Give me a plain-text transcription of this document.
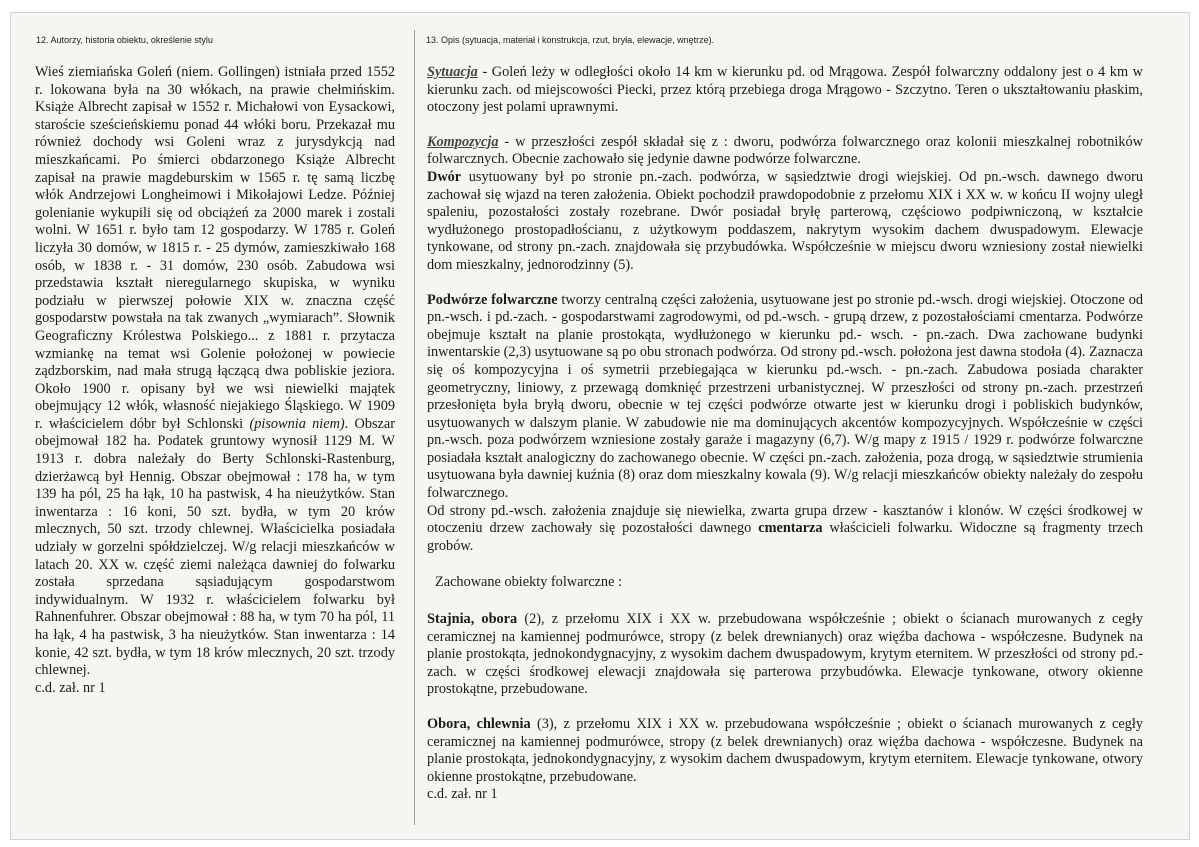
12. Autorzy, historia obiektu, określenie stylu	13. Opis (sytuacja, materiał i konstrukcja, rzut, bryła, elewacje, wnętrze).

Wieś ziemiańska Goleń (niem. Gollingen) istniała przed 1552 r. lokowana była na 30 włókach, na prawie chełmińskim. Książe Albrecht zapisał w 1552 r. Michałowi von Eysackowi, staroście sześcieńskiemu ponad 44 włóki boru. Przekazał mu również dochody wsi Goleni wraz z jurysdykcją nad mieszkańcami. Po śmierci obdarzonego Książe Albrecht zapisał na prawie magdeburskim w 1565 r. tę samą liczbę włók Andrzejowi Longheimowi i Mikołajowi Ledze. Później golenianie wykupili się od obciążeń za 2000 marek i zostali wolni. W 1651 r. było tam 12 gospodarzy. W 1785 r. Goleń liczyła 30 domów, w 1815 r. - 25 dymów, zamieszkiwało 168 osób, w 1838 r. - 31 domów, 230 osób. Zabudowa wsi przedstawia kształt nieregularnego skupiska, w wyniku podziału w pierwszej połowie XIX w. znaczna część gospodarstw powstała na tak zwanych „wymiarach”. Słownik Geograficzny Królestwa Polskiego... z 1881 r. przytacza wzmiankę na temat wsi Golenie położonej w powiecie ządzborskim, nad mała strugą łączącą dwa pobliskie jeziora. Około 1900 r. opisany był we wsi niewielki majątek obejmujący 12 włók, własność niejakiego Śląskiego. W 1909 r. właścicielem dóbr był Schlonski (pisownia niem). Obszar obejmował 182 ha. Podatek gruntowy wynosił 1129 M. W 1913 r. dobra należały do Berty Schlonski-Rastenburg, dzierżawcą był Hennig. Obszar obejmował : 178 ha, w tym 139 ha pól, 25 ha łąk, 10 ha pastwisk, 4 ha nieużytków. Stan inwentarza : 16 koni, 50 szt. bydła, w tym 20 krów mlecznych, 50 szt. trzody chlewnej. Właścicielka posiadała udziały w gorzelni spółdzielczej. W/g relacji mieszkańców w latach 20. XX w. część ziemi należąca dawniej do folwarku została sprzedana sąsiadującym gospodarstwom indywidualnym. W 1932 r. właścicielem folwarku był Rahnenfuhrer. Obszar obejmował : 88 ha, w tym 70 ha pól, 11 ha łąk, 4 ha pastwisk, 3 ha nieużytków. Stan inwentarza : 14 konie, 42 szt. bydła, w tym 18 krów mlecznych, 20 szt. trzody chlewnej.

c.d. zał. nr 1

Sytuacja - Goleń leży w odległości około 14 km w kierunku pd. od Mrągowa. Zespół folwarczny oddalony jest o 4 km w kierunku zach. od miejscowości Piecki, przez którą przebiega droga Mrągowo - Szczytno. Teren o ukształtowaniu płaskim, otoczony jest polami uprawnymi.

Kompozycja - w przeszłości zespół składał się z : dworu, podwórza folwarcznego oraz kolonii mieszkalnej robotników folwarcznych. Obecnie zachowało się jedynie dawne podwórze folwarczne.

Dwór usytuowany był po stronie pn.-zach. podwórza, w sąsiedztwie drogi wiejskiej. Od pn.-wsch. dawnego dworu zachował się wjazd na teren założenia. Obiekt pochodził prawdopodobnie z przełomu XIX i XX w. w końcu II wojny uległ spaleniu, pozostałości zostały rozebrane. Dwór posiadał bryłę parterową, częściowo podpiwniczoną, w kształcie wydłużonego prostopadłościanu, z użytkowym poddaszem, nakrytym wysokim dachem dwuspadowym. Elewacje tynkowane, od strony pn.-zach. znajdowała się przybudówka. Współcześnie w miejscu dworu wzniesiony został niewielki dom mieszkalny, jednorodzinny (5).

Podwórze folwarczne tworzy centralną części założenia, usytuowane jest po stronie pd.-wsch. drogi wiejskiej. Otoczone od pn.-wsch. i pd.-zach. - gospodarstwami zagrodowymi, od pd.-wsch. - grupą drzew, z pozostałościami cmentarza. Podwórze obejmuje kształt na planie prostokąta, wydłużonego w kierunku pd.- wsch. - pn.-zach. Dwa zachowane budynki inwentarskie (2,3) usytuowane są po obu stronach podwórza. Od strony pd.-wsch. położona jest dawna stodoła (4). Zaznacza się oś kompozycyjna i oś symetrii przebiegająca w kierunku pd.-wsch. - pn.-zach. Zabudowa posiada charakter geometryczny, liniowy, z przewagą domknięć przestrzeni urbanistycznej. W przeszłości od strony pn.-zach. przestrzeń przesłonięta była bryłą dworu, obecnie w tej części podwórze otwarte jest w kierunku drogi i pobliskich budynków, usytuowanych w dalszym planie. W zabudowie nie ma dominujących akcentów kompozycyjnych. Współcześnie w części pn.-wsch. poza podwórzem wzniesione zostały garaże i magazyny (6,7). W/g mapy z 1915 / 1929 r. podwórze folwarczne posiadała kształt analogiczny do zachowanego obecnie. W części pn.-zach. założenia, poza drogą, w sąsiedztwie strumienia usytuowana była dawniej kuźnia (8) oraz dom mieszkalny kowala (9). W/g relacji mieszkańców obiekty należały do zespołu folwarcznego.

Od strony pd.-wsch. założenia znajduje się niewielka, zwarta grupa drzew - kasztanów i klonów. W części środkowej w otoczeniu drzew zachowały się pozostałości dawnego cmentarza właścicieli folwarku. Widoczne są fragmenty trzech grobów.

Zachowane obiekty folwarczne :

Stajnia, obora (2), z przełomu XIX i XX w. przebudowana współcześnie ; obiekt o ścianach murowanych z cegły ceramicznej na kamiennej podmurówce, stropy (z belek drewnianych) oraz więźba dachowa - współczesne. Budynek na planie prostokąta, jednokondygnacyjny, z wysokim dachem dwuspadowym, krytym eternitem. W przeszłości od strony pd.-zach. w części środkowej elewacji znajdowała się parterowa przybudówka. Elewacje tynkowane, otwory okienne prostokątne, przebudowane.

Obora, chlewnia (3), z przełomu XIX i XX w. przebudowana współcześnie ; obiekt o ścianach murowanych z cegły ceramicznej na kamiennej podmurówce, stropy (z belek drewnianych) oraz więźba dachowa - współczesne. Budynek na planie prostokąta, jednokondygnacyjny, z wysokim dachem dwuspadowym, krytym eternitem. Elewacje tynkowane, otwory okienne prostokątne, przebudowane.

c.d. zał. nr 1
